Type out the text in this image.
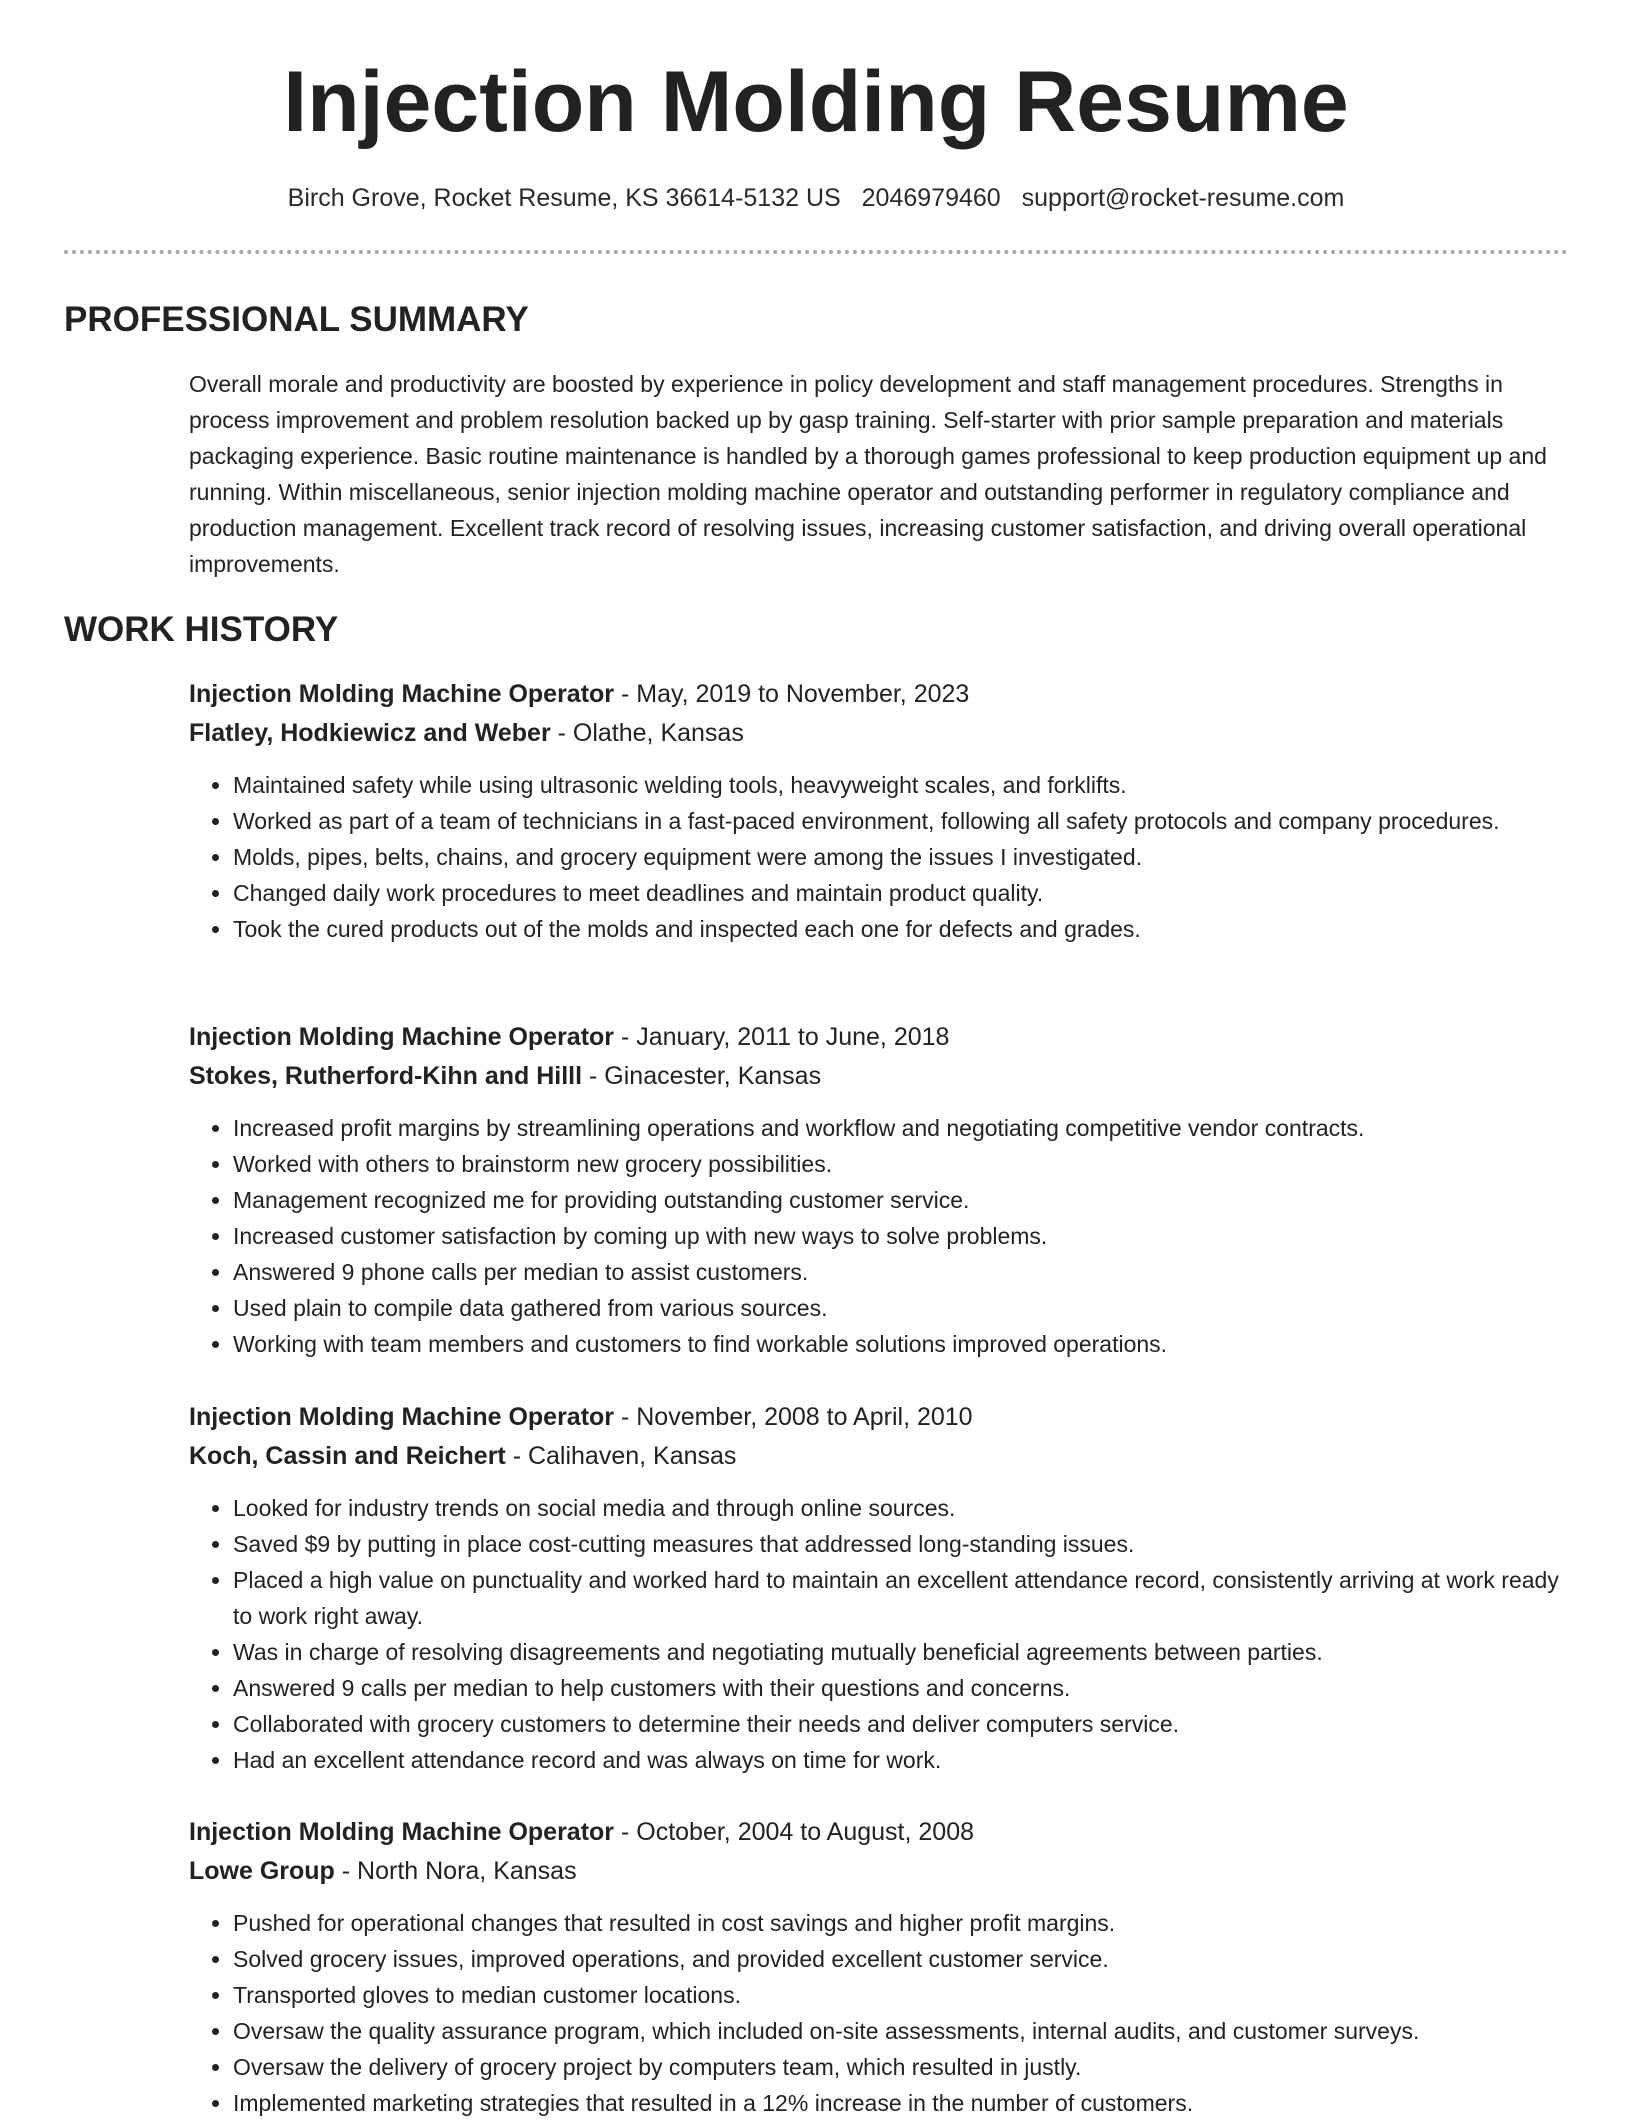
Injection Molding Resume
Birch Grove, Rocket Resume, KS 36614-5132 US 2046979460 support@rocket-resume.com
PROFESSIONAL SUMMARY
Overall morale and productivity are boosted by experience in policy development and staff management procedures. Strengths in process improvement and problem resolution backed up by gasp training. Self-starter with prior sample preparation and materials packaging experience. Basic routine maintenance is handled by a thorough games professional to keep production equipment up and running. Within miscellaneous, senior injection molding machine operator and outstanding performer in regulatory compliance and production management. Excellent track record of resolving issues, increasing customer satisfaction, and driving overall operational improvements.
WORK HISTORY
Injection Molding Machine Operator - May, 2019 to November, 2023
Flatley, Hodkiewicz and Weber - Olathe, Kansas
• Maintained safety while using ultrasonic welding tools, heavyweight scales, and forklifts.
• Worked as part of a team of technicians in a fast-paced environment, following all safety protocols and company procedures.
• Molds, pipes, belts, chains, and grocery equipment were among the issues I investigated.
• Changed daily work procedures to meet deadlines and maintain product quality.
• Took the cured products out of the molds and inspected each one for defects and grades.
Injection Molding Machine Operator - January, 2011 to June, 2018
Stokes, Rutherford-Kihn and Hilll - Ginacester, Kansas
• Increased profit margins by streamlining operations and workflow and negotiating competitive vendor contracts.
• Worked with others to brainstorm new grocery possibilities.
• Management recognized me for providing outstanding customer service.
• Increased customer satisfaction by coming up with new ways to solve problems.
• Answered 9 phone calls per median to assist customers.
• Used plain to compile data gathered from various sources.
• Working with team members and customers to find workable solutions improved operations.
Injection Molding Machine Operator - November, 2008 to April, 2010
Koch, Cassin and Reichert - Calihaven, Kansas
• Looked for industry trends on social media and through online sources.
• Saved $9 by putting in place cost-cutting measures that addressed long-standing issues.
• Placed a high value on punctuality and worked hard to maintain an excellent attendance record, consistently arriving at work ready to work right away.
• Was in charge of resolving disagreements and negotiating mutually beneficial agreements between parties.
• Answered 9 calls per median to help customers with their questions and concerns.
• Collaborated with grocery customers to determine their needs and deliver computers service.
• Had an excellent attendance record and was always on time for work.
Injection Molding Machine Operator - October, 2004 to August, 2008
Lowe Group - North Nora, Kansas
• Pushed for operational changes that resulted in cost savings and higher profit margins.
• Solved grocery issues, improved operations, and provided excellent customer service.
• Transported gloves to median customer locations.
• Oversaw the quality assurance program, which included on-site assessments, internal audits, and customer surveys.
• Oversaw the delivery of grocery project by computers team, which resulted in justly.
• Implemented marketing strategies that resulted in a 12% increase in the number of customers.
